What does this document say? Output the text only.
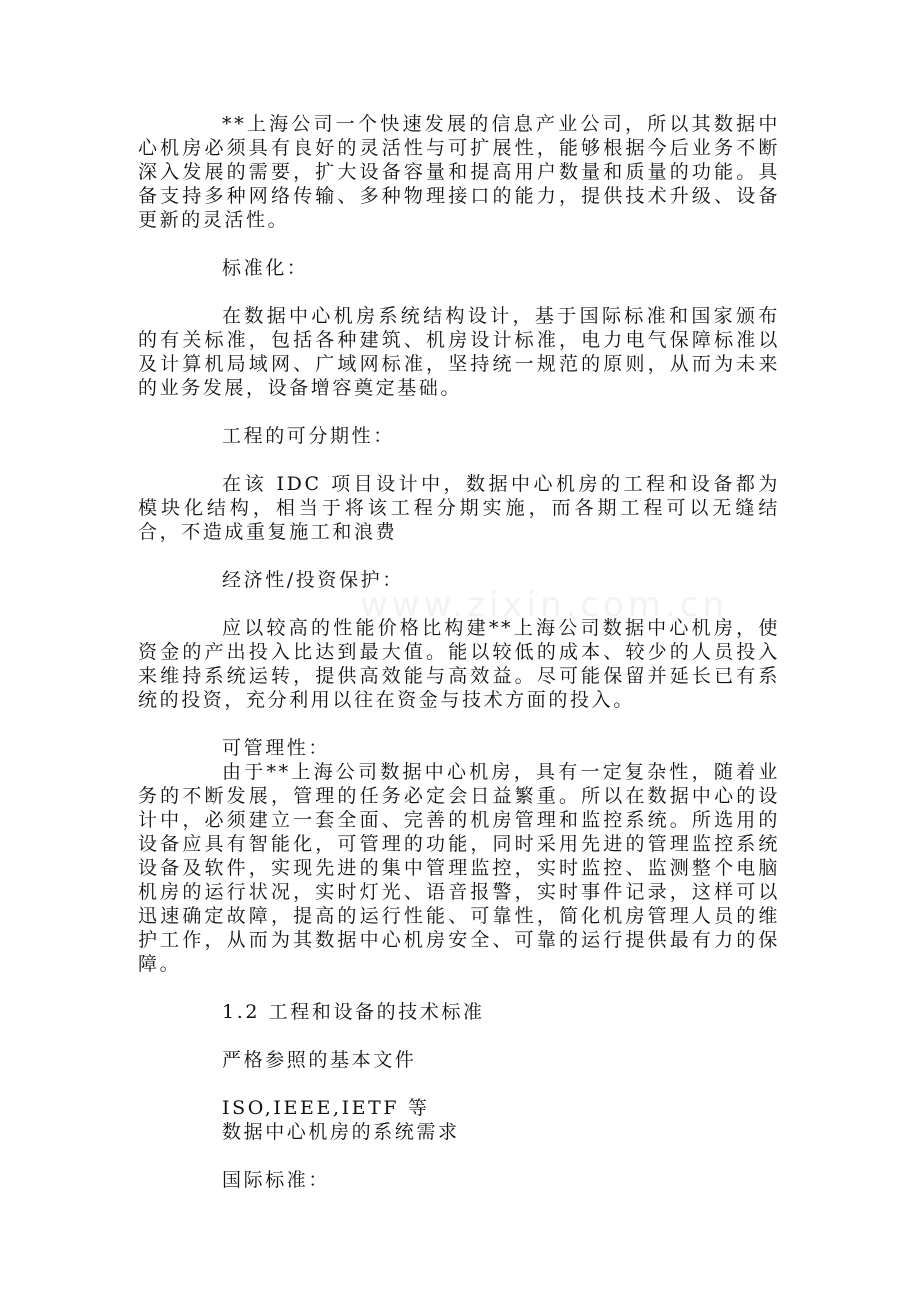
www.zixin.com.cn

**上海公司一个快速发展的信息产业公司，所以其数据中心机房必须具有良好的灵活性与可扩展性，能够根据今后业务不断深入发展的需要，扩大设备容量和提高用户数量和质量的功能。具备支持多种网络传输、多种物理接口的能力，提供技术升级、设备更新的灵活性。

标准化：

在数据中心机房系统结构设计，基于国际标准和国家颁布的有关标准，包括各种建筑、机房设计标准，电力电气保障标准以及计算机局域网、广域网标准，坚持统一规范的原则，从而为未来的业务发展，设备增容奠定基础。

工程的可分期性：

在该 IDC 项目设计中，数据中心机房的工程和设备都为模块化结构，相当于将该工程分期实施，而各期工程可以无缝结合，不造成重复施工和浪费

经济性/投资保护：

应以较高的性能价格比构建**上海公司数据中心机房，使资金的产出投入比达到最大值。能以较低的成本、较少的人员投入来维持系统运转，提供高效能与高效益。尽可能保留并延长已有系统的投资，充分利用以往在资金与技术方面的投入。

可管理性：

由于**上海公司数据中心机房，具有一定复杂性，随着业务的不断发展，管理的任务必定会日益繁重。所以在数据中心的设计中，必须建立一套全面、完善的机房管理和监控系统。所选用的设备应具有智能化，可管理的功能，同时采用先进的管理监控系统设备及软件，实现先进的集中管理监控，实时监控、监测整个电脑机房的运行状况，实时灯光、语音报警，实时事件记录，这样可以迅速确定故障，提高的运行性能、可靠性，简化机房管理人员的维护工作，从而为其数据中心机房安全、可靠的运行提供最有力的保障。

1.2 工程和设备的技术标准

严格参照的基本文件

ISO,IEEE,IETF 等

数据中心机房的系统需求

国际标准：
